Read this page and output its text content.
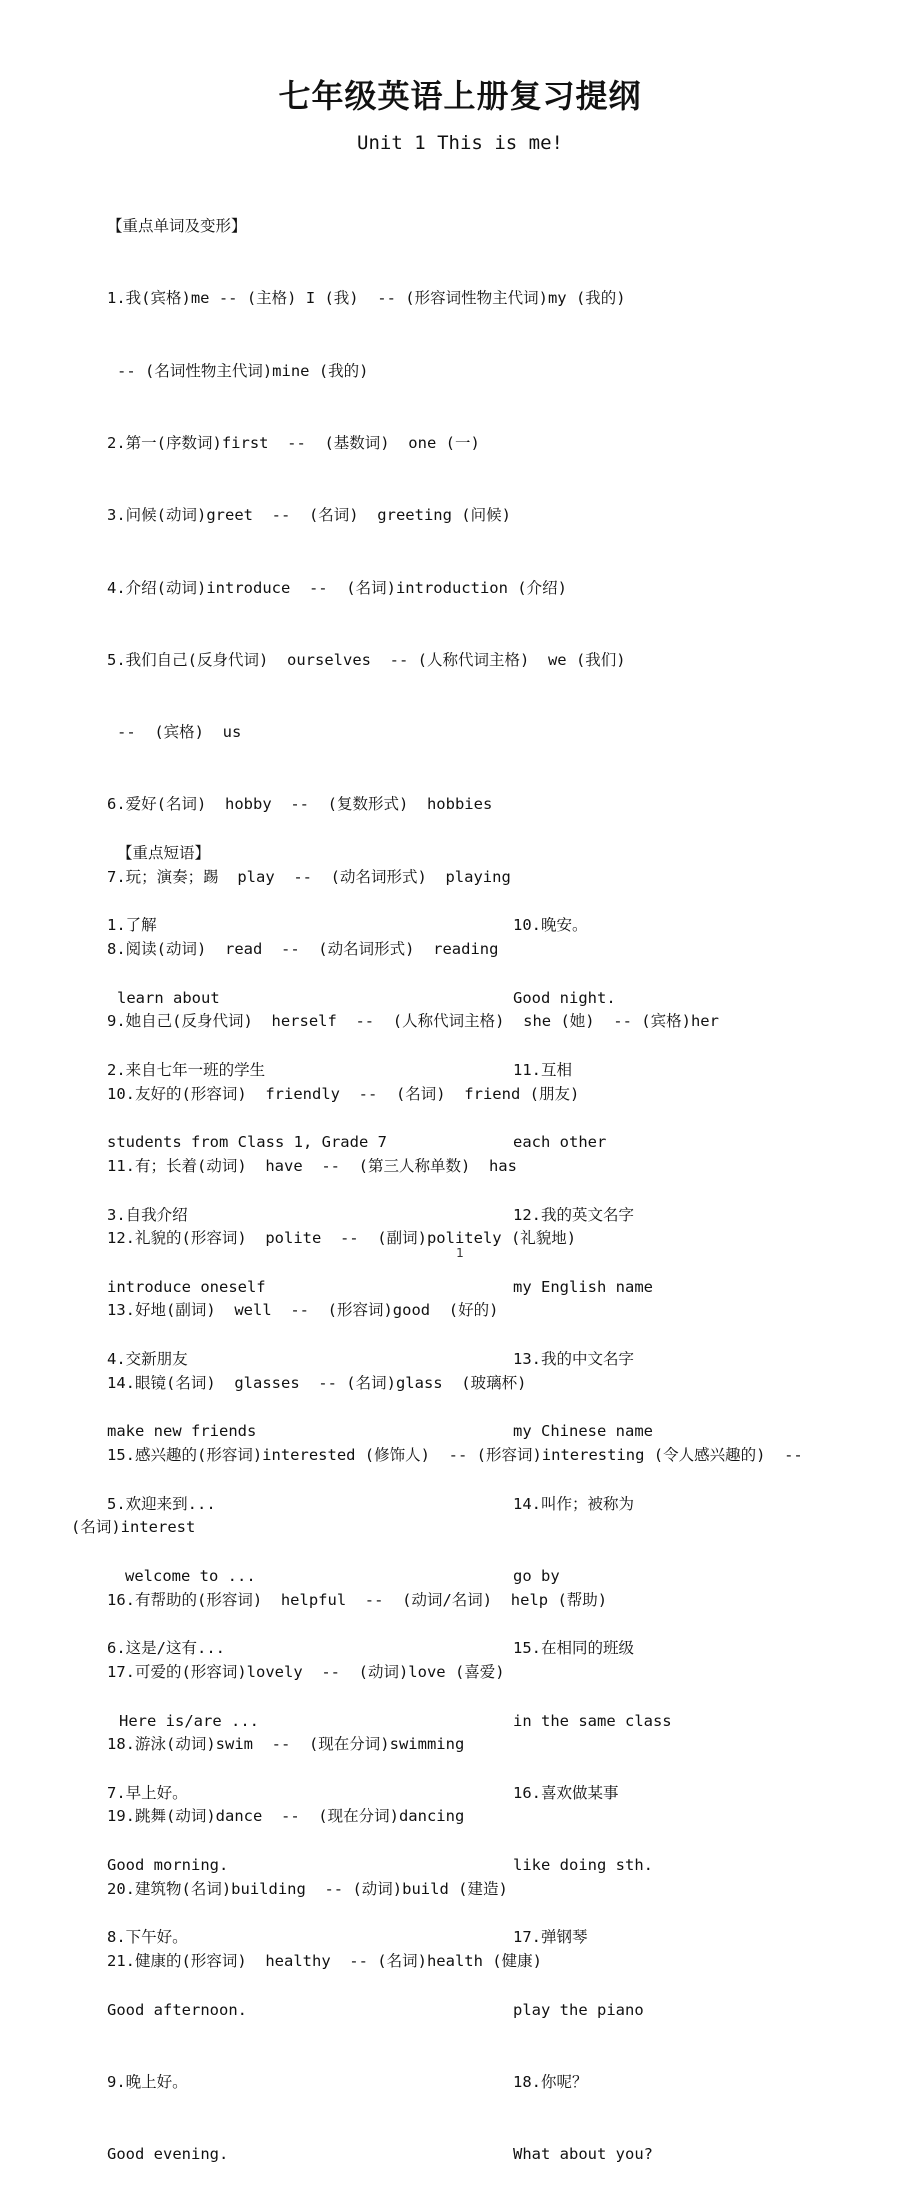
七年级英语上册复习提纲
Unit 1 This is me!

【重点单词及变形】

1.我(宾格)me -- (主格) I (我)  -- (形容词性物主代词)my (我的)

-- (名词性物主代词)mine (我的)

2.第一(序数词)first  --  (基数词)  one (一)

3.问候(动词)greet  --  (名词)  greeting (问候)

4.介绍(动词)introduce  --  (名词)introduction (介绍)

5.我们自己(反身代词)  ourselves  -- (人称代词主格)  we (我们)

--  (宾格)  us

6.爱好(名词)  hobby  --  (复数形式)  hobbies

7.玩；演奏；踢  play  --  (动名词形式)  playing

8.阅读(动词)  read  --  (动名词形式)  reading

9.她自己(反身代词)  herself  --  (人称代词主格)  she (她)  -- (宾格)her

10.友好的(形容词)  friendly  --  (名词)  friend (朋友)

11.有；长着(动词)  have  --  (第三人称单数)  has

12.礼貌的(形容词)  polite  --  (副词)politely (礼貌地)

13.好地(副词)  well  --  (形容词)good  (好的)

14.眼镜(名词)  glasses  -- (名词)glass  (玻璃杯)

15.感兴趣的(形容词)interested (修饰人)  -- (形容词)interesting (令人感兴趣的)  --

(名词)interest

16.有帮助的(形容词)  helpful  --  (动词/名词)  help (帮助)

17.可爱的(形容词)lovely  --  (动词)love (喜爱)

18.游泳(动词)swim  --  (现在分词)swimming

19.跳舞(动词)dance  --  (现在分词)dancing

20.建筑物(名词)building  -- (动词)build (建造)

21.健康的(形容词)  healthy  -- (名词)health (健康)

【重点短语】

1.了解

learn about

2.来自七年一班的学生

students from Class 1, Grade 7

3.自我介绍

introduce oneself

4.交新朋友

make new friends

5.欢迎来到...

welcome to ...

6.这是/这有...

Here is/are ...

7.早上好。

Good morning.

8.下午好。

Good afternoon.

9.晚上好。

Good evening.

10.晚安。

Good night.

11.互相

each other

12.我的英文名字

my English name

13.我的中文名字

my Chinese name

14.叫作；被称为

go by

15.在相同的班级

in the same class

16.喜欢做某事

like doing sth.

17.弹钢琴

play the piano

18.你呢？

What about you?

1
